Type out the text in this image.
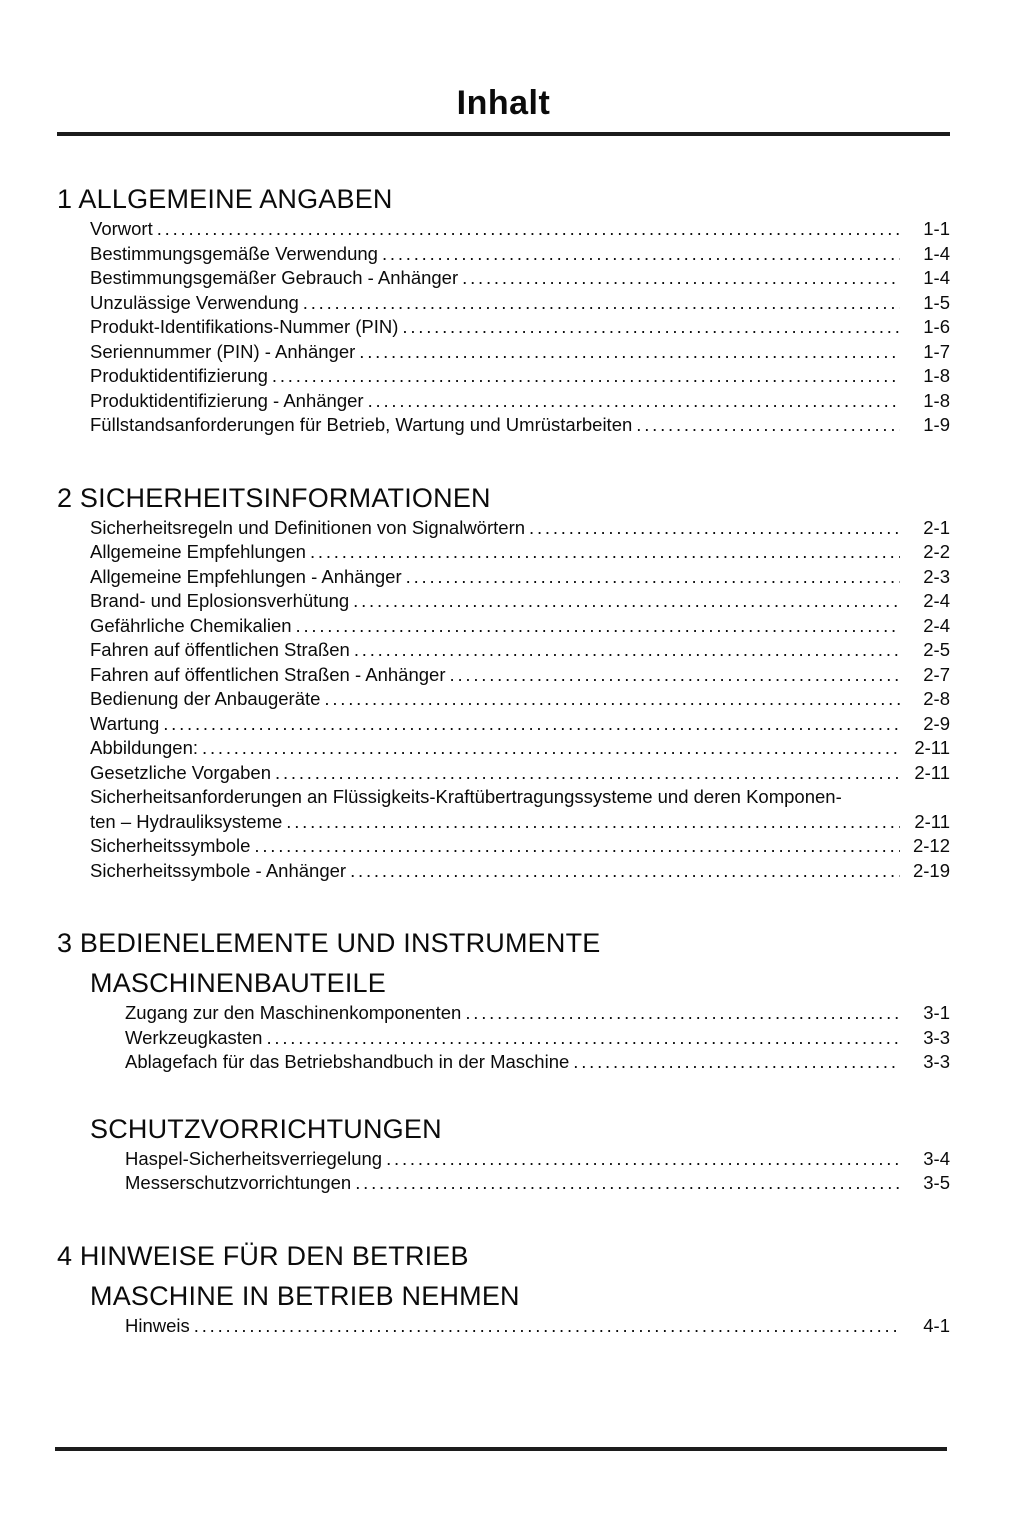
Inhalt
1 ALLGEMEINE ANGABEN
Vorwort .....	1-1
Bestimmungsgemäße Verwendung .....	1-4
Bestimmungsgemäßer Gebrauch - Anhänger .....	1-4
Unzulässige Verwendung .....	1-5
Produkt-Identifikations-Nummer (PIN) .....	1-6
Seriennummer (PIN) - Anhänger .....	1-7
Produktidentifizierung .....	1-8
Produktidentifizierung - Anhänger .....	1-8
Füllstandsanforderungen für Betrieb, Wartung und Umrüstarbeiten .....	1-9
2 SICHERHEITSINFORMATIONEN
Sicherheitsregeln und Definitionen von Signalwörtern .....	2-1
Allgemeine Empfehlungen .....	2-2
Allgemeine Empfehlungen - Anhänger .....	2-3
Brand- und Eplosionsverhütung .....	2-4
Gefährliche Chemikalien .....	2-4
Fahren auf öffentlichen Straßen .....	2-5
Fahren auf öffentlichen Straßen - Anhänger .....	2-7
Bedienung der Anbaugeräte .....	2-8
Wartung .....	2-9
Abbildungen: .....	2-11
Gesetzliche Vorgaben .....	2-11
Sicherheitsanforderungen an Flüssigkeits-Kraftübertragungssysteme und deren Komponen-
ten – Hydrauliksysteme .....	2-11
Sicherheitssymbole .....	2-12
Sicherheitssymbole - Anhänger .....	2-19
3 BEDIENELEMENTE UND INSTRUMENTE
MASCHINENBAUTEILE
Zugang zur den Maschinenkomponenten .....	3-1
Werkzeugkasten .....	3-3
Ablagefach für das Betriebshandbuch in der Maschine .....	3-3
SCHUTZVORRICHTUNGEN
Haspel-Sicherheitsverriegelung .....	3-4
Messerschutzvorrichtungen .....	3-5
4 HINWEISE FÜR DEN BETRIEB
MASCHINE IN BETRIEB NEHMEN
Hinweis .....	4-1
